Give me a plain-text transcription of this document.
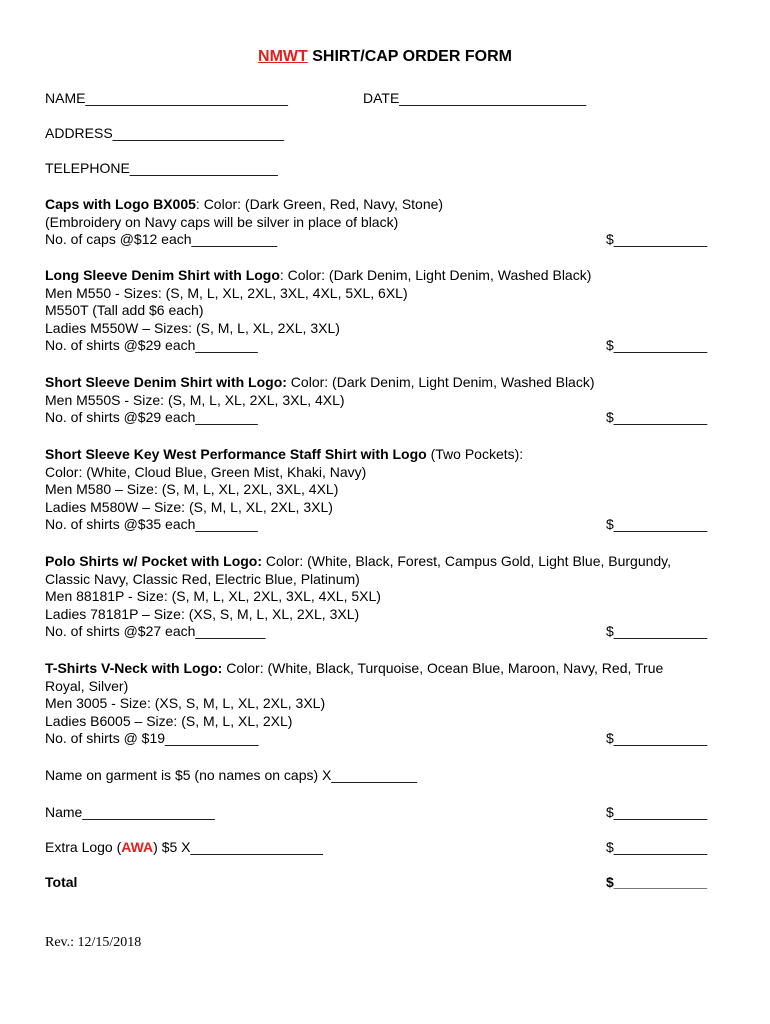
NMWT SHIRT/CAP ORDER FORM
NAME__________________________	DATE________________________
ADDRESS______________________
TELEPHONE___________________

Caps with Logo BX005: Color: (Dark Green, Red, Navy, Stone)

(Embroidery on Navy caps will be silver in place of black)

No. of caps @$12 each___________	$____________

Long Sleeve Denim Shirt with Logo: Color: (Dark Denim, Light Denim, Washed Black)

Men M550 - Sizes: (S, M, L, XL, 2XL, 3XL, 4XL, 5XL, 6XL)

M550T (Tall add $6 each)

Ladies M550W – Sizes: (S, M, L, XL, 2XL, 3XL)

No. of shirts @$29 each________	$____________

Short Sleeve Denim Shirt with Logo: Color: (Dark Denim, Light Denim, Washed Black)

Men M550S - Size: (S, M, L, XL, 2XL, 3XL, 4XL)

No. of shirts @$29 each________	$____________

Short Sleeve Key West Performance Staff Shirt with Logo (Two Pockets):

Color: (White, Cloud Blue, Green Mist, Khaki, Navy)

Men M580 – Size: (S, M, L, XL, 2XL, 3XL, 4XL)

Ladies M580W – Size: (S, M, L, XL, 2XL, 3XL)

No. of shirts @$35 each________	$____________

Polo Shirts w/ Pocket with Logo: Color: (White, Black, Forest, Campus Gold, Light Blue, Burgundy,

Classic Navy, Classic Red, Electric Blue, Platinum)

Men 88181P - Size: (S, M, L, XL, 2XL, 3XL, 4XL, 5XL)

Ladies 78181P – Size: (XS, S, M, L, XL, 2XL, 3XL)

No. of shirts @$27 each_________	$____________

T-Shirts V-Neck with Logo: Color: (White, Black, Turquoise, Ocean Blue, Maroon, Navy, Red, True

Royal, Silver)

Men 3005 - Size: (XS, S, M, L, XL, 2XL, 3XL)

Ladies B6005 – Size: (S, M, L, XL, 2XL)

No. of shirts @ $19____________	$____________
Name on garment is $5 (no names on caps) X___________
Name_________________	$____________
Extra Logo (AWA) $5 X_________________	$____________
Total	$____________
Rev.: 12/15/2018
